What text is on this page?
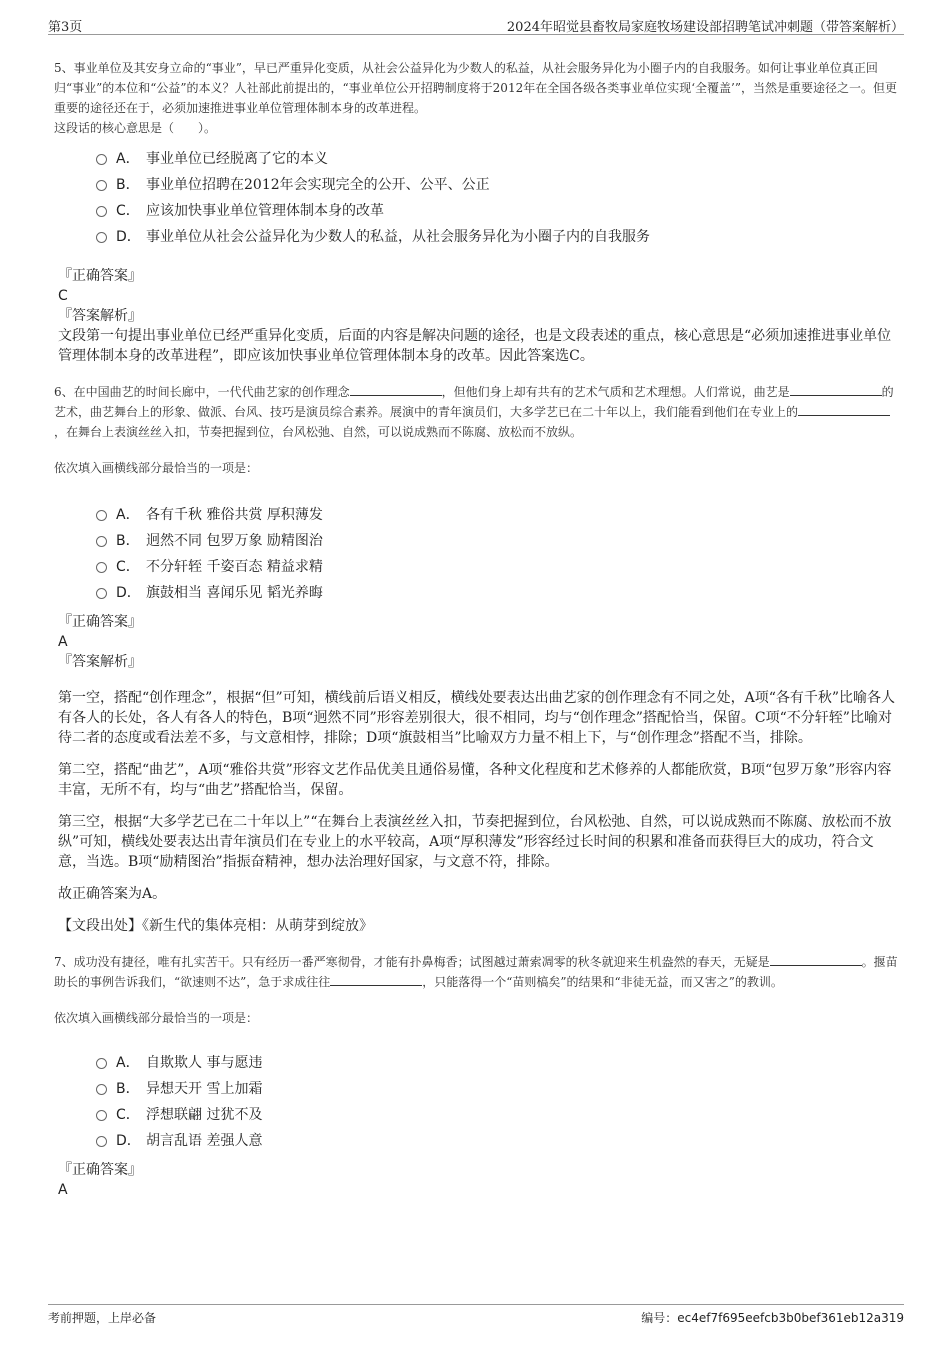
第3页	2024年昭觉县畜牧局家庭牧场建设部招聘笔试冲刺题（带答案解析）

5、事业单位及其安身立命的“事业”，早已严重异化变质，从社会公益异化为少数人的私益，从社会服务异化为小圈子内的自我服务。如何让事业单位真正回归“事业”的本位和“公益”的本义？人社部此前提出的，“事业单位公开招聘制度将于2012年在全国各级各类事业单位实现‘全覆盖’”，当然是重要途径之一。但更重要的途径还在于，必须加速推进事业单位管理体制本身的改革进程。

这段话的核心意思是（　　）。

A． 事业单位已经脱离了它的本义
B． 事业单位招聘在2012年会实现完全的公开、公平、公正
C． 应该加快事业单位管理体制本身的改革
D． 事业单位从社会公益异化为少数人的私益，从社会服务异化为小圈子内的自我服务

『正确答案』

C

『答案解析』

文段第一句提出事业单位已经严重异化变质，后面的内容是解决问题的途径，也是文段表述的重点，核心意思是“必须加速推进事业单位管理体制本身的改革进程”，即应该加快事业单位管理体制本身的改革。因此答案选C。

6、在中国曲艺的时间长廊中，一代代曲艺家的创作理念	，但他们身上却有共有的艺术气质和艺术理想。人们常说，曲艺是	的艺术，曲艺舞台上的形象、做派、台风、技巧是演员综合素养。展演中的青年演员们，大多学艺已在二十年以上，我们能看到他们在专业上的，在舞台上表演丝丝入扣，节奏把握到位，台风松弛、自然，可以说成熟而不陈腐、放松而不放纵。

依次填入画横线部分最恰当的一项是：

A． 各有千秋 雅俗共赏 厚积薄发
B． 迥然不同 包罗万象 励精图治
C． 不分轩轾 千姿百态 精益求精
D． 旗鼓相当 喜闻乐见 韬光养晦

『正确答案』

A

『答案解析』

第一空，搭配“创作理念”，根据“但”可知，横线前后语义相反，横线处要表达出曲艺家的创作理念有不同之处，A项“各有千秋”比喻各人有各人的长处，各人有各人的特色，B项“迥然不同”形容差别很大，很不相同，均与“创作理念”搭配恰当，保留。C项“不分轩轾”比喻对待二者的态度或看法差不多，与文意相悖，排除；D项“旗鼓相当”比喻双方力量不相上下，与“创作理念”搭配不当，排除。

第二空，搭配“曲艺”，A项“雅俗共赏”形容文艺作品优美且通俗易懂，各种文化程度和艺术修养的人都能欣赏，B项“包罗万象”形容内容丰富，无所不有，均与“曲艺”搭配恰当，保留。

第三空，根据“大多学艺已在二十年以上”“在舞台上表演丝丝入扣，节奏把握到位，台风松弛、自然，可以说成熟而不陈腐、放松而不放纵”可知，横线处要表达出青年演员们在专业上的水平较高，A项“厚积薄发”形容经过长时间的积累和准备而获得巨大的成功，符合文意，当选。B项“励精图治”指振奋精神，想办法治理好国家，与文意不符，排除。

故正确答案为A。

【文段出处】《新生代的集体亮相：从萌芽到绽放》

7、成功没有捷径，唯有扎实苦干。只有经历一番严寒彻骨，才能有扑鼻梅香；试图越过萧索凋零的秋冬就迎来生机盎然的春天，无疑是	。揠苗助长的事例告诉我们，“欲速则不达”，急于求成往往	，只能落得一个“苗则槁矣”的结果和“非徒无益，而又害之”的教训。

依次填入画横线部分最恰当的一项是：

A． 自欺欺人 事与愿违
B． 异想天开 雪上加霜
C． 浮想联翩 过犹不及
D． 胡言乱语 差强人意

『正确答案』

A

考前押题，上岸必备	编号：ec4ef7f695eefcb3b0bef361eb12a319
